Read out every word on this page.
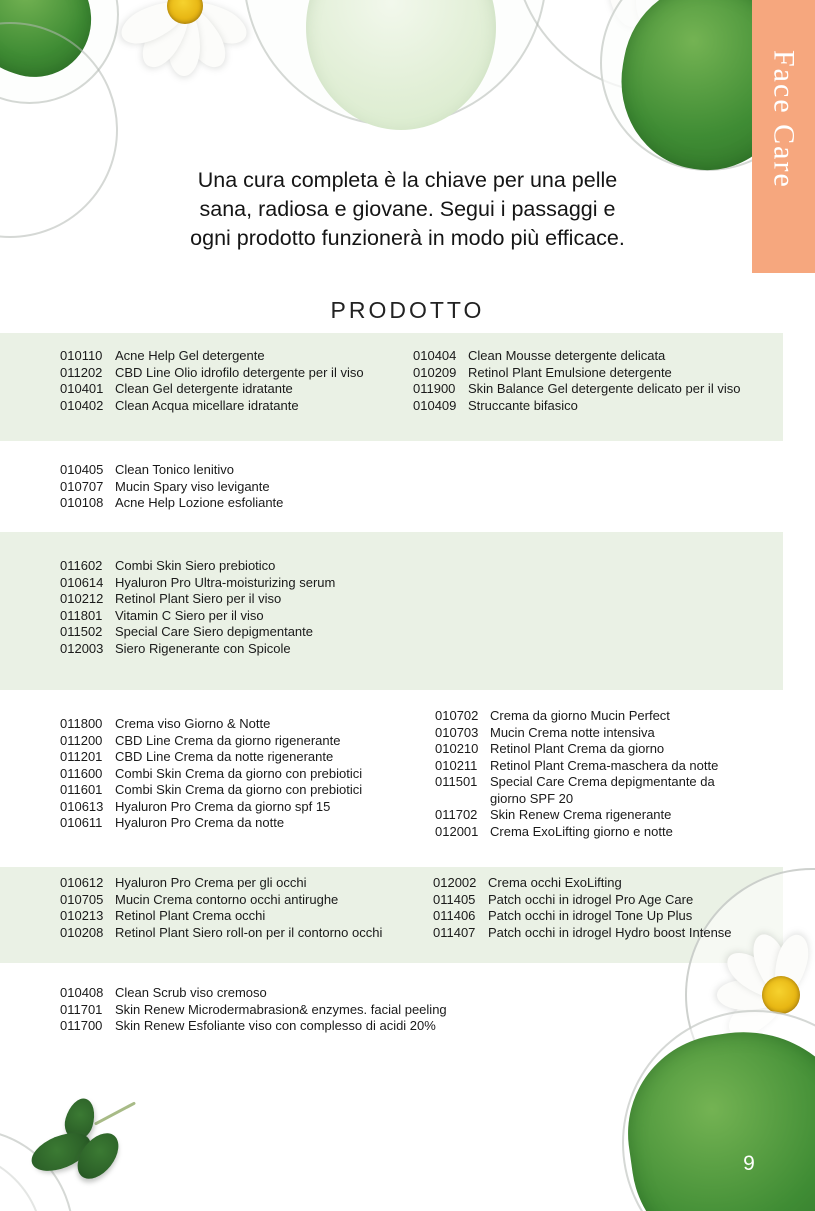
Face Care
Una cura completa è la chiave per una pelle
sana, radiosa e giovane. Segui i passaggi e
ogni prodotto funzionerà in modo più efficace.
PRODOTTO
010110 Acne Help Gel detergente
011202 CBD Line Olio idrofilo detergente per il viso
010401 Clean Gel detergente idratante
010402 Clean Acqua micellare idratante
010404 Clean Mousse detergente delicata
010209 Retinol Plant Emulsione detergente
011900 Skin Balance Gel detergente delicato per il viso
010409 Struccante bifasico
010405 Clean Tonico lenitivo
010707 Mucin Spary viso levigante
010108 Acne Help Lozione esfoliante
011602 Combi Skin Siero prebiotico
010614 Hyaluron Pro Ultra-moisturizing serum
010212 Retinol Plant Siero per il viso
011801 Vitamin C Siero per il viso
011502 Special Care Siero depigmentante
012003 Siero Rigenerante con Spicole
011800 Crema viso Giorno & Notte
011200 CBD Line Crema da giorno rigenerante
011201 CBD Line Crema da notte rigenerante
011600 Combi Skin Crema da giorno con prebiotici
011601 Combi Skin Crema da giorno con prebiotici
010613 Hyaluron Pro Crema da giorno spf 15
010611 Hyaluron Pro Crema da notte
010702 Crema da giorno Mucin Perfect
010703 Mucin Crema notte intensiva
010210 Retinol Plant Crema da giorno
010211 Retinol Plant Crema-maschera da notte
011501 Special Care Crema depigmentante da giorno SPF 20
011702 Skin Renew Crema rigenerante
012001 Crema ExoLifting giorno e notte
010612 Hyaluron Pro Crema per gli occhi
010705 Mucin Crema contorno occhi antirughe
010213 Retinol Plant Crema occhi
010208 Retinol Plant Siero roll-on per il contorno occhi
012002 Crema occhi ExoLifting
011405 Patch occhi in idrogel Pro Age Care
011406 Patch occhi in idrogel Tone Up Plus
011407 Patch occhi in idrogel Hydro boost Intense
010408 Clean Scrub viso cremoso
011701 Skin Renew Microdermabrasion& enzymes. facial peeling
011700 Skin Renew Esfoliante viso con complesso di acidi 20%
9
